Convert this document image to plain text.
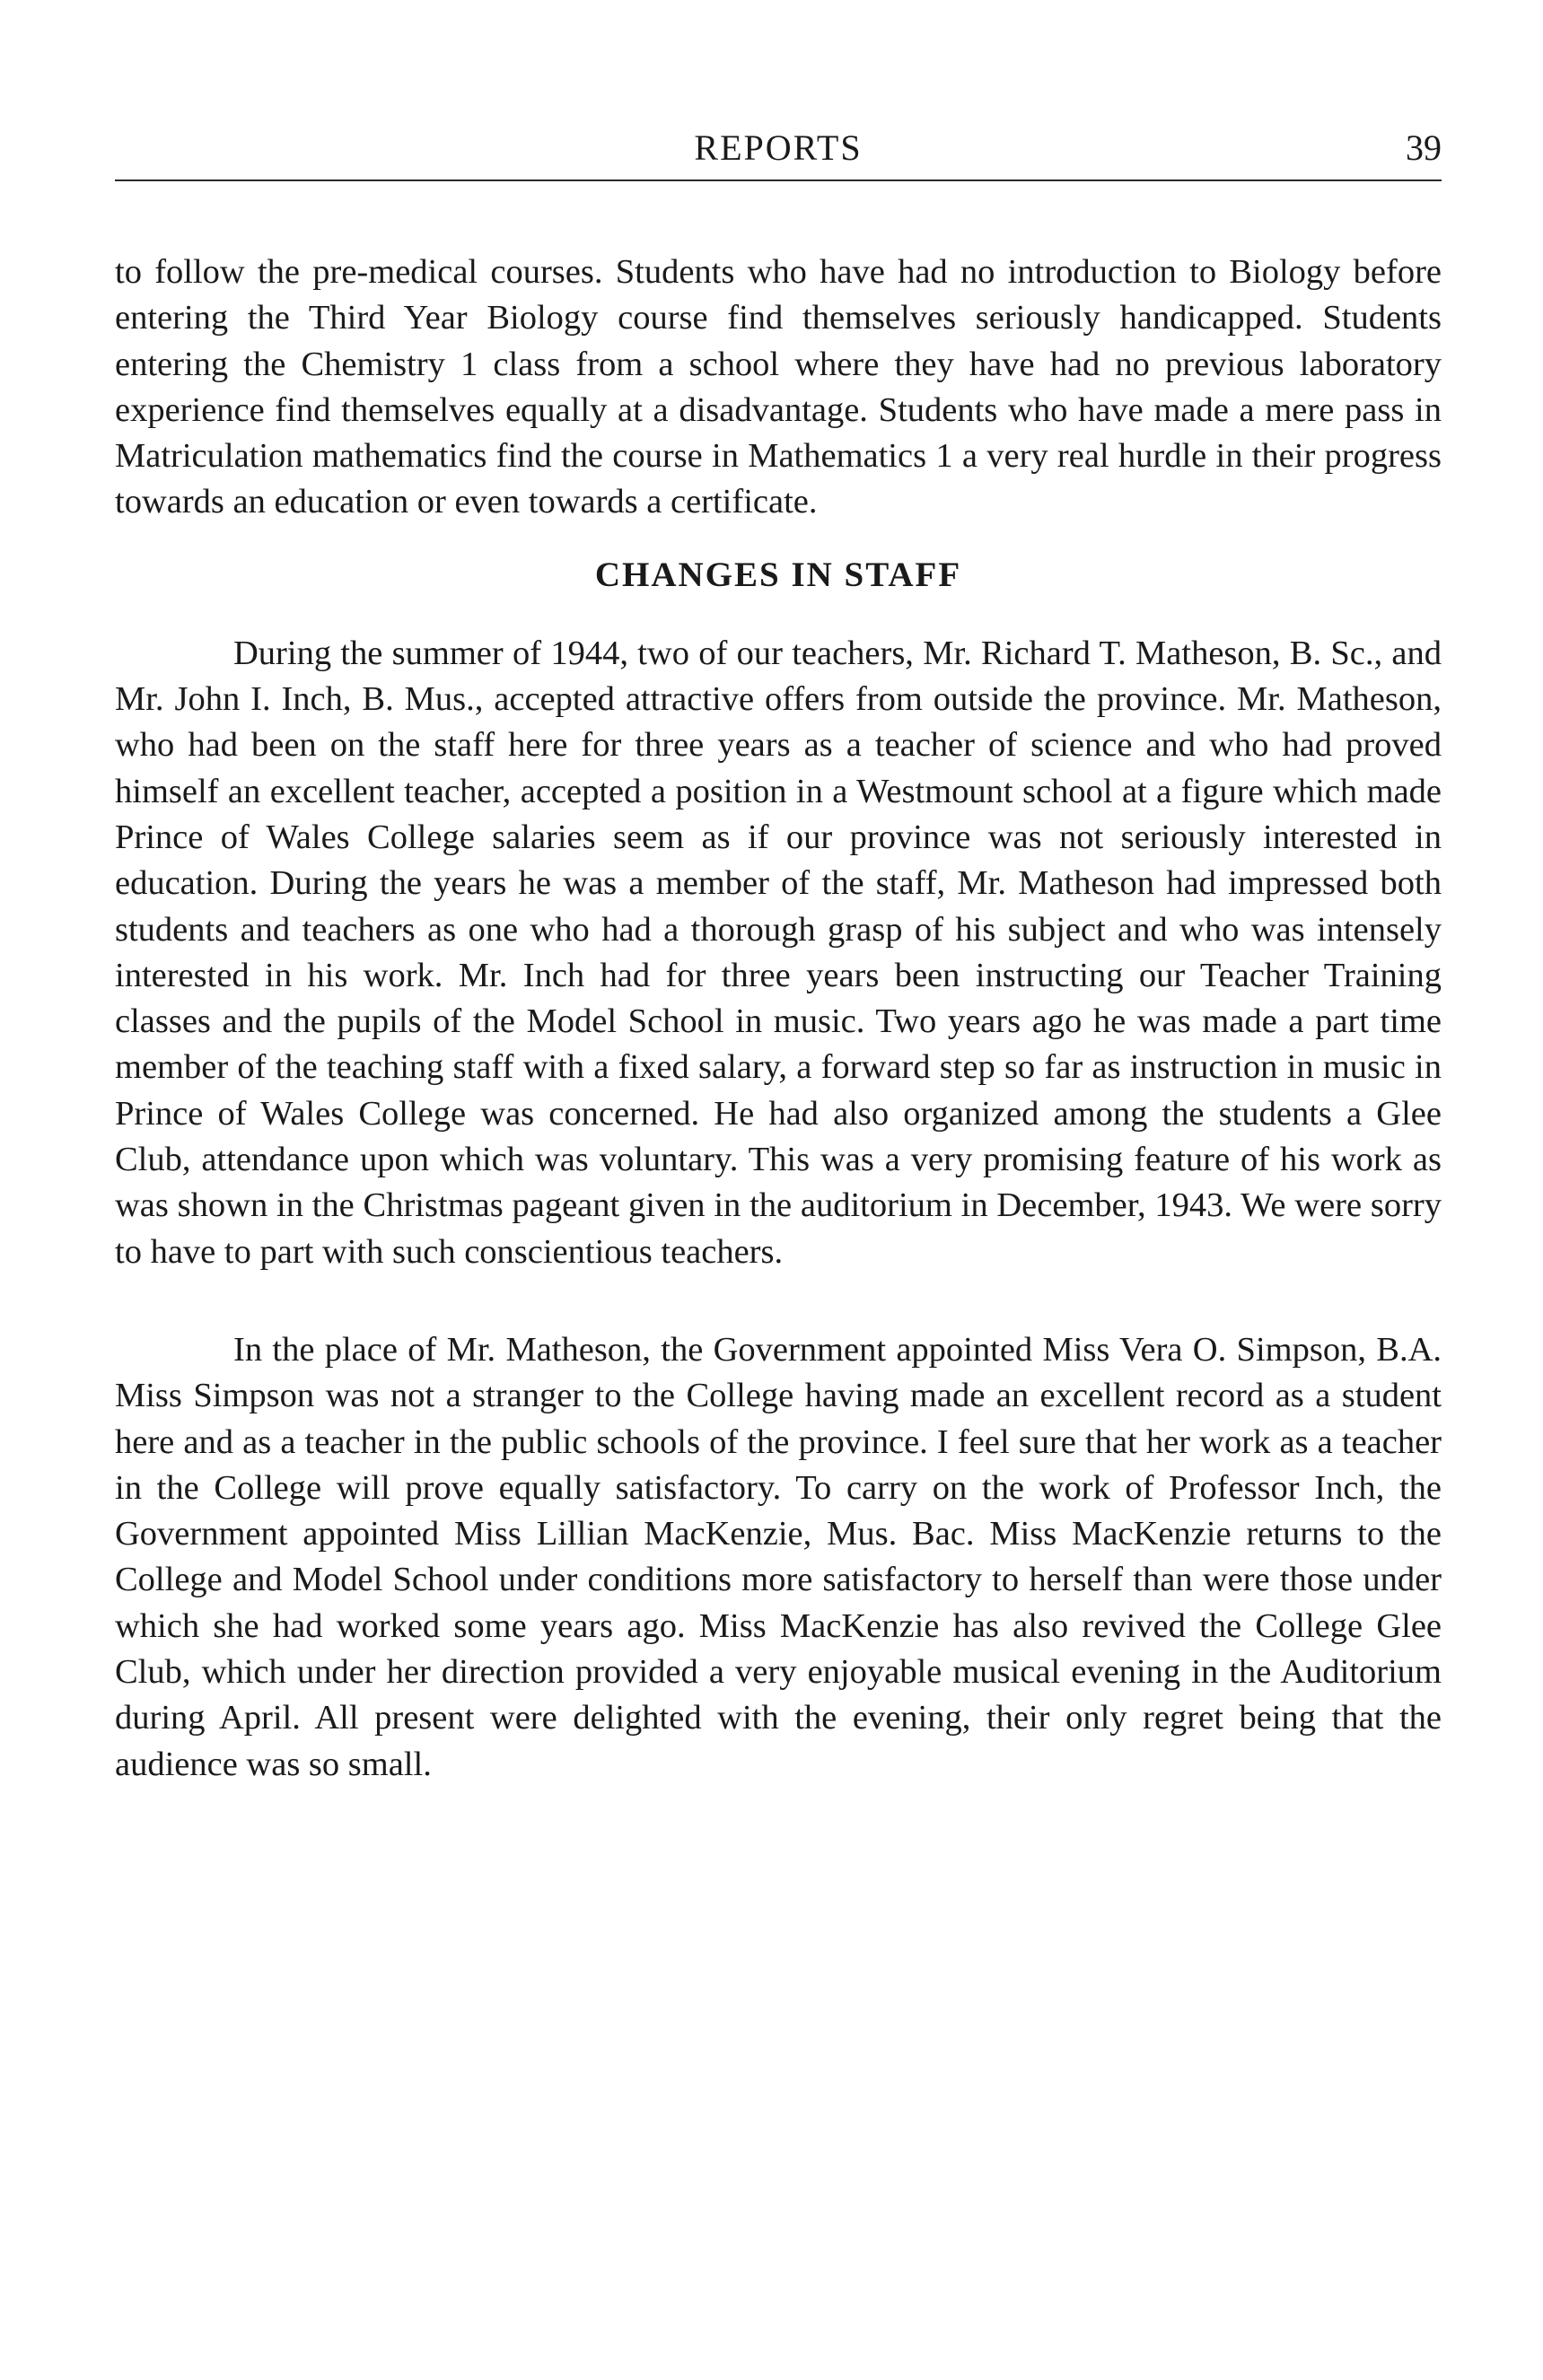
REPORTS	39

to follow the pre-medical courses. Students who have had no introduction to Biology before entering the Third Year Biology course find themselves seriously handicapped. Students entering the Chemistry 1 class from a school where they have had no previous laboratory experience find themselves equally at a disadvantage. Students who have made a mere pass in Matriculation mathematics find the course in Mathematics 1 a very real hurdle in their progress towards an education or even towards a certificate.

CHANGES IN STAFF

During the summer of 1944, two of our teachers, Mr. Richard T. Matheson, B. Sc., and Mr. John I. Inch, B. Mus., accepted attractive offers from outside the province. Mr. Matheson, who had been on the staff here for three years as a teacher of science and who had proved himself an excellent teacher, accepted a position in a Westmount school at a figure which made Prince of Wales College salaries seem as if our province was not seriously interested in education. During the years he was a member of the staff, Mr. Matheson had impressed both students and teachers as one who had a thorough grasp of his subject and who was intensely interested in his work. Mr. Inch had for three years been instructing our Teacher Training classes and the pupils of the Model School in music. Two years ago he was made a part time member of the teaching staff with a fixed salary, a forward step so far as instruction in music in Prince of Wales College was concerned. He had also organized among the students a Glee Club, attendance upon which was voluntary. This was a very promising feature of his work as was shown in the Christmas pageant given in the auditorium in December, 1943. We were sorry to have to part with such conscientious teachers.

In the place of Mr. Matheson, the Government appointed Miss Vera O. Simpson, B.A. Miss Simpson was not a stranger to the College having made an excellent record as a student here and as a teacher in the public schools of the province. I feel sure that her work as a teacher in the College will prove equally satisfactory. To carry on the work of Professor Inch, the Government appointed Miss Lillian MacKenzie, Mus. Bac. Miss MacKenzie returns to the College and Model School under conditions more satisfactory to herself than were those under which she had worked some years ago. Miss MacKenzie has also revived the College Glee Club, which under her direction provided a very enjoyable musical evening in the Auditorium during April. All present were delighted with the evening, their only regret being that the audience was so small.
